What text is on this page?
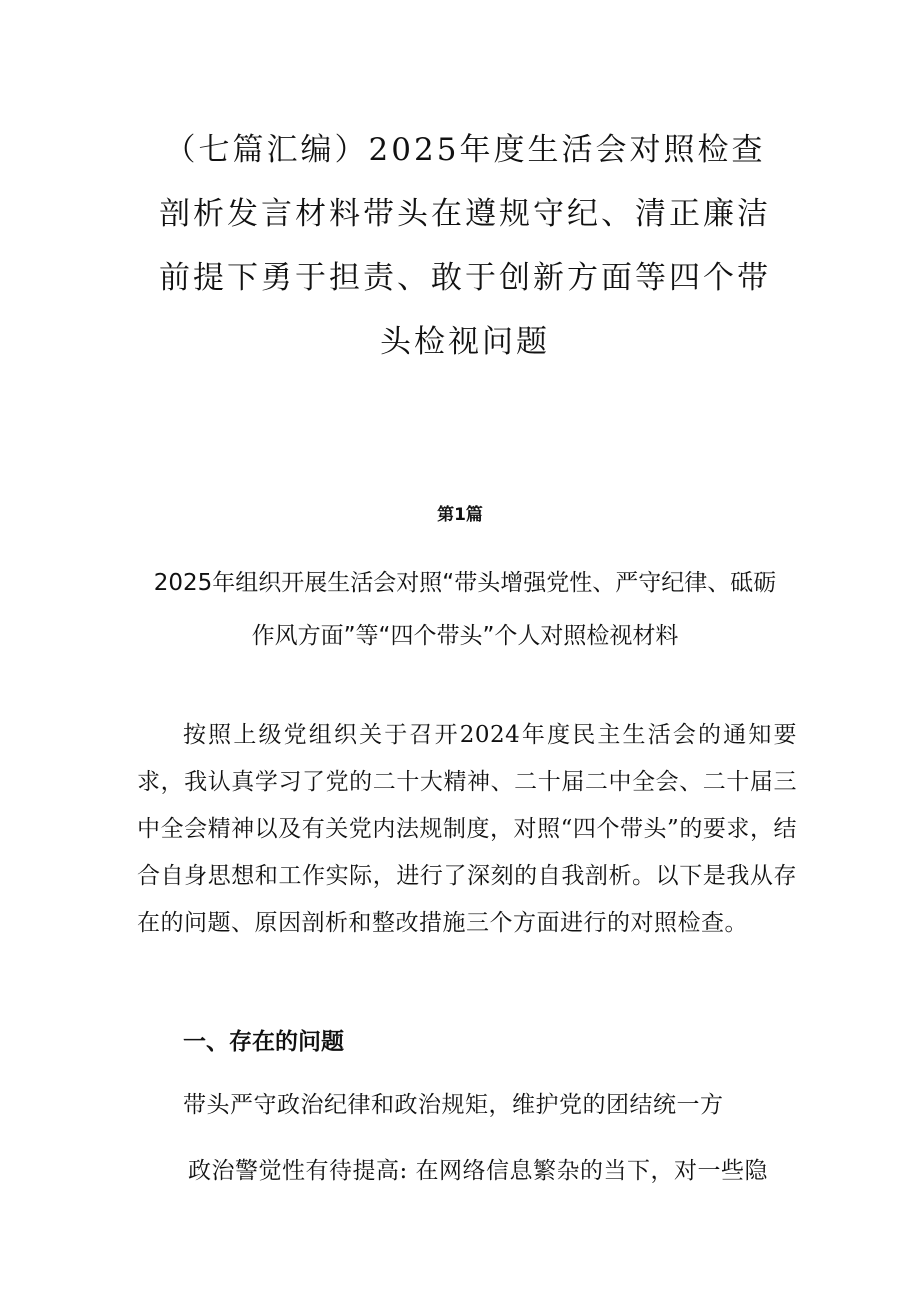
（七篇汇编）2025年度生活会对照检查剖析发言材料带头在遵规守纪、清正廉洁前提下勇于担责、敢于创新方面等四个带头检视问题

第1篇

2025年组织开展生活会对照“带头增强党性、严守纪律、砥砺作风方面”等“四个带头”个人对照检视材料

按照上级党组织关于召开2024年度民主生活会的通知要求，我认真学习了党的二十大精神、二十届二中全会、二十届三中全会精神以及有关党内法规制度，对照“四个带头”的要求，结合自身思想和工作实际，进行了深刻的自我剖析。以下是我从存在的问题、原因剖析和整改措施三个方面进行的对照检查。

一、存在的问题

带头严守政治纪律和政治规矩，维护党的团结统一方

政治警觉性有待提高: 在网络信息繁杂的当下，对一些隐
